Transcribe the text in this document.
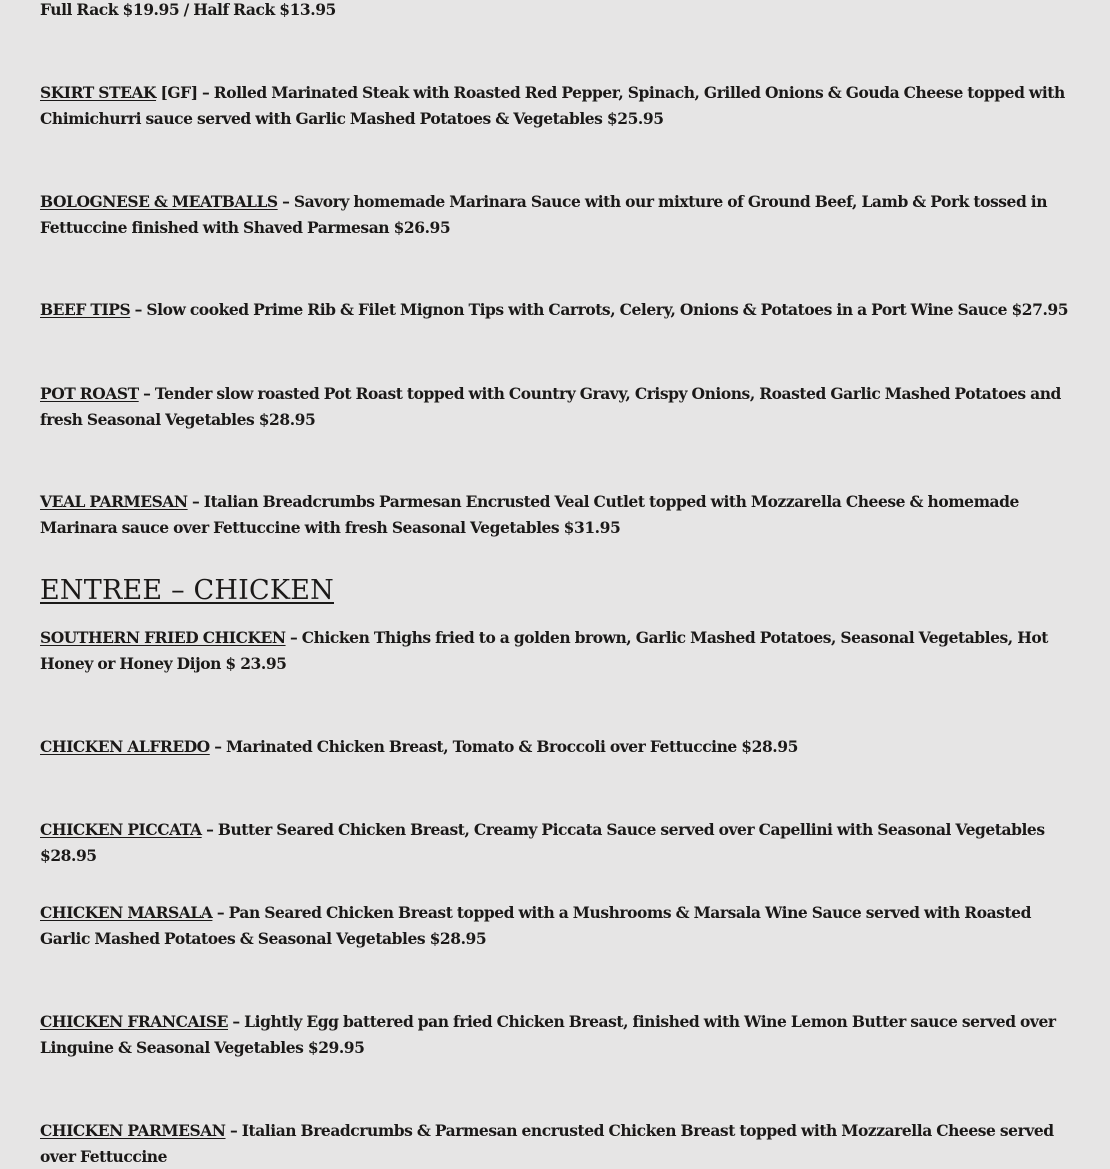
Full Rack $19.95 / Half Rack $13.95
SKIRT STEAK [GF] – Rolled Marinated Steak with Roasted Red Pepper, Spinach, Grilled Onions & Gouda Cheese topped with Chimichurri sauce served with Garlic Mashed Potatoes & Vegetables $25.95
BOLOGNESE & MEATBALLS – Savory homemade Marinara Sauce with our mixture of Ground Beef, Lamb & Pork tossed in Fettuccine finished with Shaved Parmesan $26.95
BEEF TIPS – Slow cooked Prime Rib & Filet Mignon Tips with Carrots, Celery, Onions & Potatoes in a Port Wine Sauce $27.95
POT ROAST – Tender slow roasted Pot Roast topped with Country Gravy, Crispy Onions, Roasted Garlic Mashed Potatoes and fresh Seasonal Vegetables $28.95
VEAL PARMESAN – Italian Breadcrumbs Parmesan Encrusted Veal Cutlet topped with Mozzarella Cheese & homemade Marinara sauce over Fettuccine with fresh Seasonal Vegetables $31.95
ENTREE – CHICKEN
SOUTHERN FRIED CHICKEN – Chicken Thighs fried to a golden brown, Garlic Mashed Potatoes, Seasonal Vegetables, Hot Honey or Honey Dijon $ 23.95
CHICKEN ALFREDO – Marinated Chicken Breast, Tomato & Broccoli over Fettuccine $28.95
CHICKEN PICCATA – Butter Seared Chicken Breast, Creamy Piccata Sauce served over Capellini with Seasonal Vegetables $28.95
CHICKEN MARSALA – Pan Seared Chicken Breast topped with a Mushrooms & Marsala Wine Sauce served with Roasted Garlic Mashed Potatoes & Seasonal Vegetables $28.95
CHICKEN FRANCAISE – Lightly Egg battered pan fried Chicken Breast, finished with Wine Lemon Butter sauce served over Linguine & Seasonal Vegetables $29.95
CHICKEN PARMESAN – Italian Breadcrumbs & Parmesan encrusted Chicken Breast topped with Mozzarella Cheese served over Fettuccine
